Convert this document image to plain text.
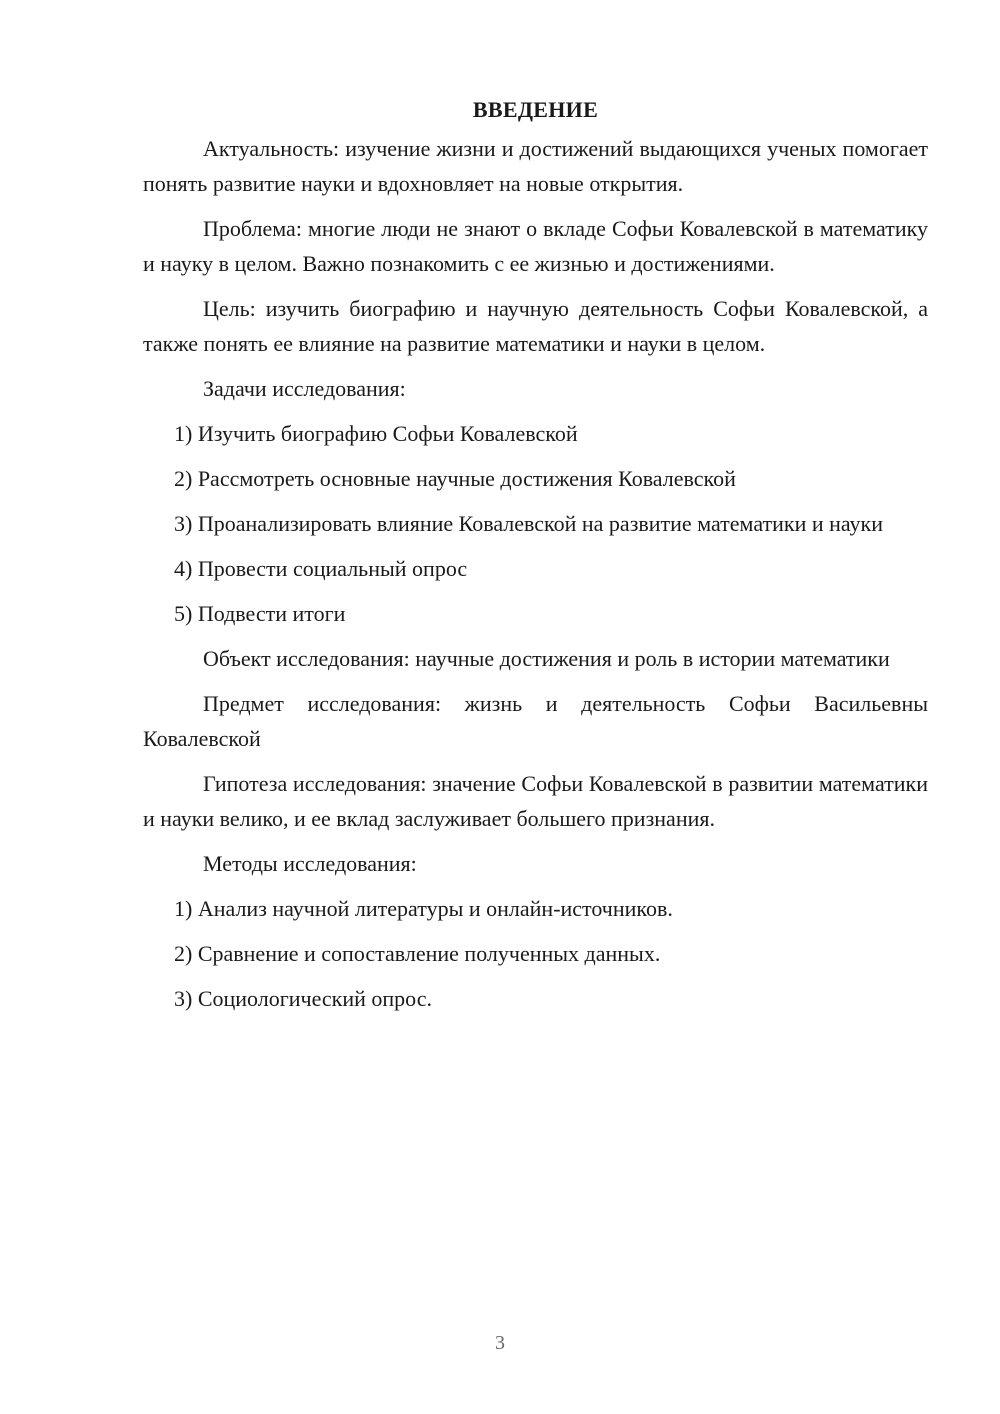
ВВЕДЕНИЕ

Актуальность: изучение жизни и достижений выдающихся ученых помогает понять развитие науки и вдохновляет на новые открытия.

Проблема: многие люди не знают о вкладе Софьи Ковалевской в математику и науку в целом. Важно познакомить с ее жизнью и достижениями.

Цель: изучить биографию и научную деятельность Софьи Ковалевской, а также понять ее влияние на развитие математики и науки в целом.

Задачи исследования:

1) Изучить биографию Софьи Ковалевской

2) Рассмотреть основные научные достижения Ковалевской

3) Проанализировать влияние Ковалевской на развитие математики и науки

4) Провести социальный опрос

5) Подвести итоги

Объект исследования: научные достижения и роль в истории математики

Предмет исследования: жизнь и деятельность Софьи Васильевны Ковалевской

Гипотеза исследования: значение Софьи Ковалевской в развитии математики и науки велико, и ее вклад заслуживает большего признания.

Методы исследования:

1) Анализ научной литературы и онлайн-источников.

2) Сравнение и сопоставление полученных данных.

3) Социологический опрос.

3
